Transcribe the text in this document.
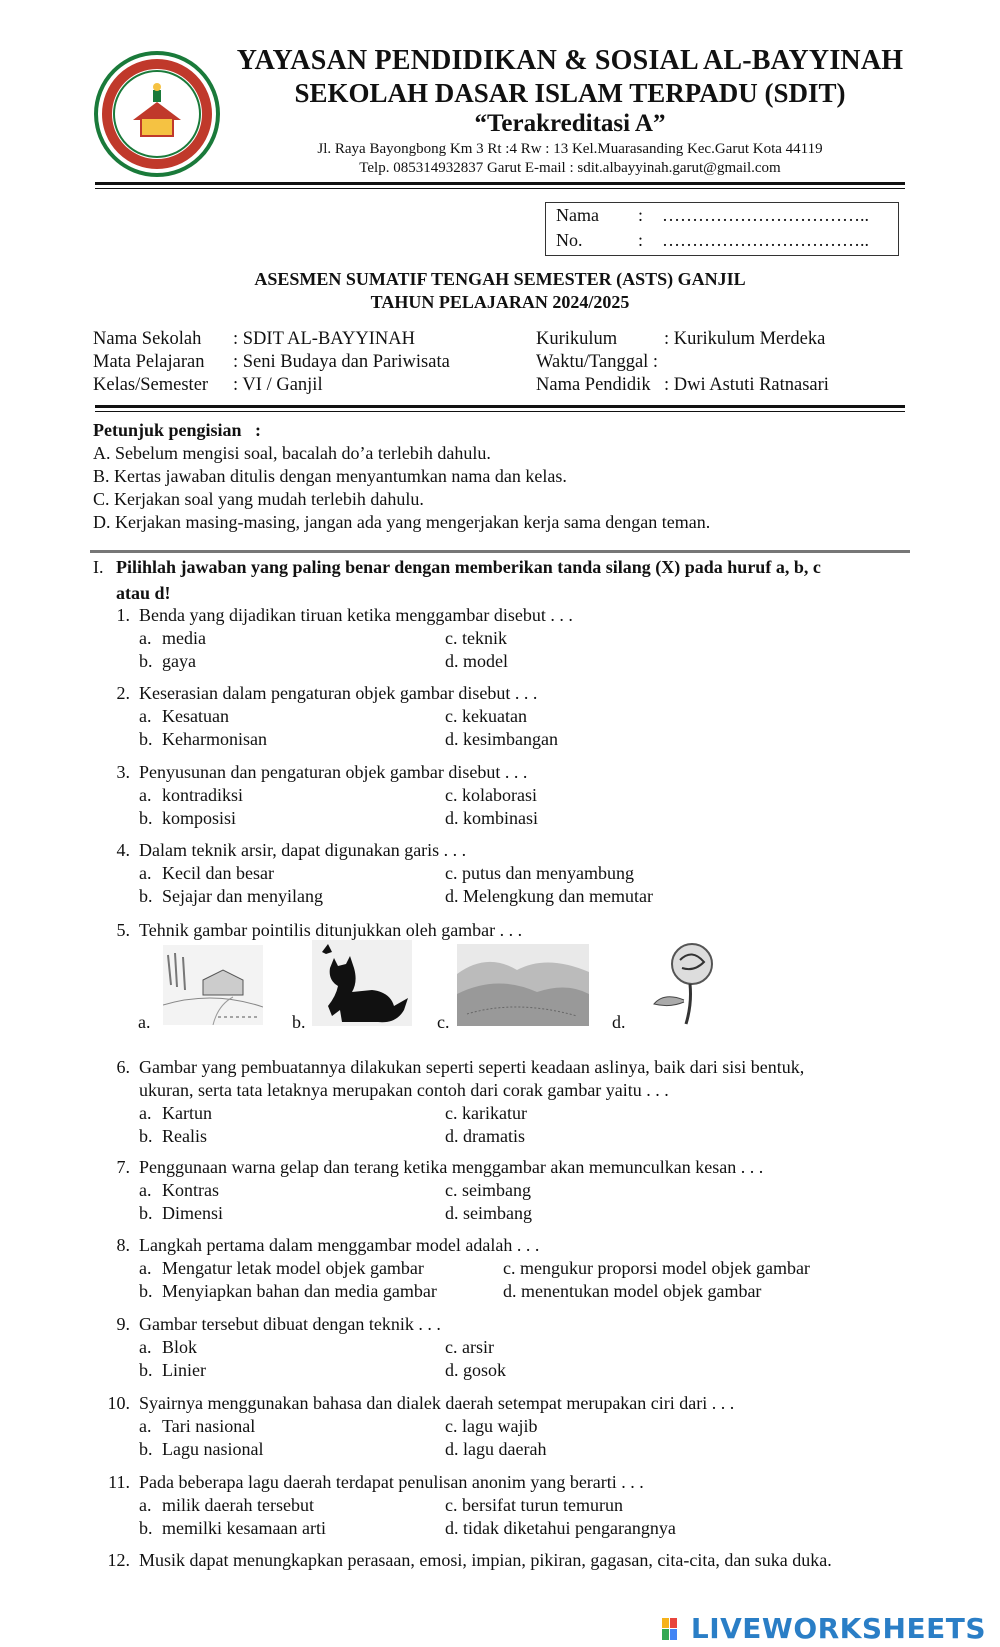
YAYASAN PENDIDIKAN & SOSIAL AL-BAYYINAH
SEKOLAH DASAR ISLAM TERPADU (SDIT)
“Terakreditasi A”
Jl. Raya Bayongbong Km 3 Rt :4 Rw : 13 Kel.Muarasanding Kec.Garut Kota 44119
Telp. 085314932837 Garut E-mail : sdit.albayyinah.garut@gmail.com
Nama	:	……………………………..
No.	:	……………………………..
ASESMEN SUMATIF TENGAH SEMESTER (ASTS) GANJIL
TAHUN PELAJARAN 2024/2025
Nama Sekolah	: SDIT AL-BAYYINAH
Mata Pelajaran	: Seni Budaya dan Pariwisata
Kelas/Semester	: VI / Ganjil
Kurikulum	: Kurikulum Merdeka
Waktu/Tanggal :
Nama Pendidik : Dwi Astuti Ratnasari
Petunjuk pengisian :
A. Sebelum mengisi soal, bacalah do’a terlebih dahulu.
B. Kertas jawaban ditulis dengan menyantumkan nama dan kelas.
C. Kerjakan soal yang mudah terlebih dahulu.
D. Kerjakan masing-masing, jangan ada yang mengerjakan kerja sama dengan teman.
I. Pilihlah jawaban yang paling benar dengan memberikan tanda silang (X) pada huruf a, b, c
atau d!
1. Benda yang dijadikan tiruan ketika menggambar disebut . . .
a. media
b. gaya
c. teknik
d. model
2. Keserasian dalam pengaturan objek gambar disebut . . .
a. Kesatuan
b. Keharmonisan
c. kekuatan
d. kesimbangan
3. Penyusunan dan pengaturan objek gambar disebut . . .
a. kontradiksi
b. komposisi
c. kolaborasi
d. kombinasi
4. Dalam teknik arsir, dapat digunakan garis . . .
a. Kecil dan besar
b. Sejajar dan menyilang
c. putus dan menyambung
d. Melengkung dan memutar
5. Tehnik gambar pointilis ditunjukkan oleh gambar . . .
6. Gambar yang pembuatannya dilakukan seperti seperti keadaan aslinya, baik dari sisi bentuk,
ukuran, serta tata letaknya merupakan contoh dari corak gambar yaitu . . .
a. Kartun
b. Realis
c. karikatur
d. dramatis
7. Penggunaan warna gelap dan terang ketika menggambar akan memunculkan kesan . . .
a. Kontras
b. Dimensi
c. seimbang
d. seimbang
8. Langkah pertama dalam menggambar model adalah . . .
a. Mengatur letak model objek gambar
b. Menyiapkan bahan dan media gambar
c. mengukur proporsi model objek gambar
d. menentukan model objek gambar
9. Gambar tersebut dibuat dengan teknik . . .
a. Blok
b. Linier
c. arsir
d. gosok
10. Syairnya menggunakan bahasa dan dialek daerah setempat merupakan ciri dari . . .
a. Tari nasional
b. Lagu nasional
c. lagu wajib
d. lagu daerah
11. Pada beberapa lagu daerah terdapat penulisan anonim yang berarti . . .
a. milik daerah tersebut
b. memilki kesamaan arti
c. bersifat turun temurun
d. tidak diketahui pengarangnya
12. Musik dapat menungkapkan perasaan, emosi, impian, pikiran, gagasan, cita-cita, dan suka duka.
a.	b.	c.	d.
LIVEWORKSHEETS
